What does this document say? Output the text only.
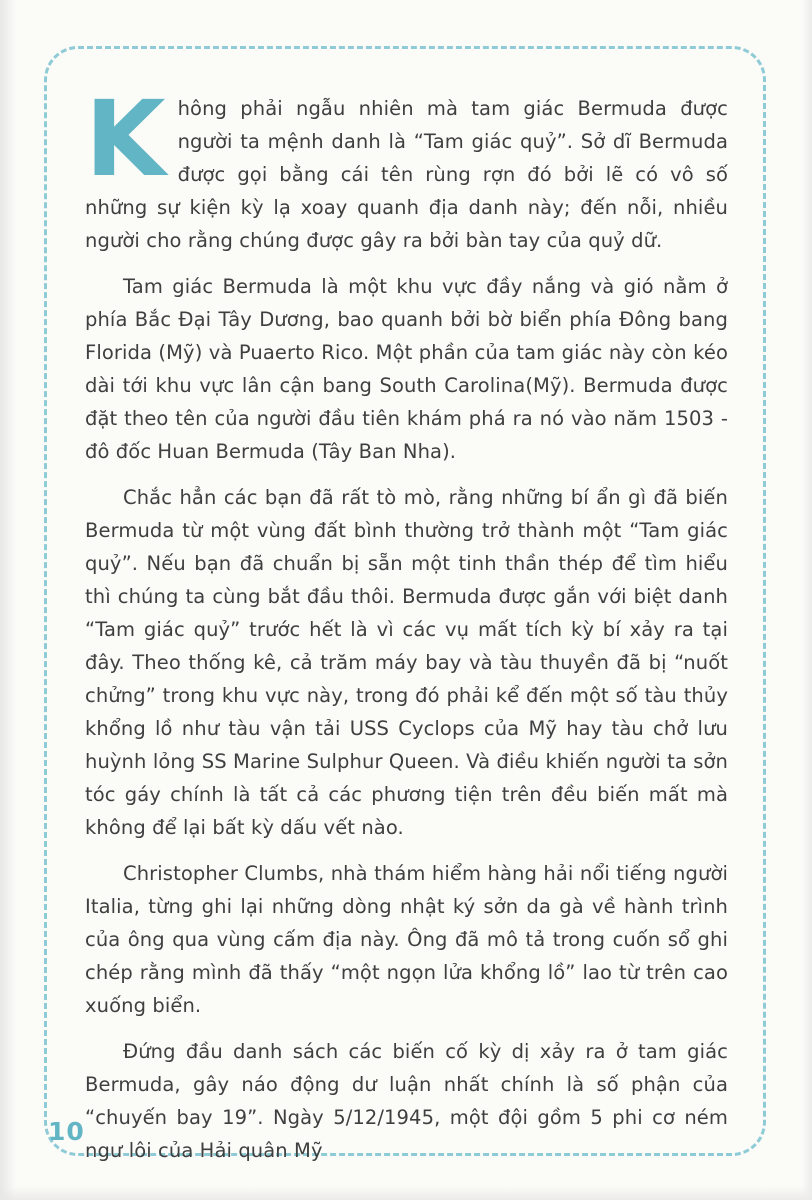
K hông phải ngẫu nhiên mà tam giác Bermuda được người ta mệnh danh là “Tam giác quỷ”. Sở dĩ Bermuda được gọi bằng cái tên rùng rợn đó bởi lẽ có vô số những sự kiện kỳ lạ xoay quanh địa danh này; đến nỗi, nhiều người cho rằng chúng được gây ra bởi bàn tay của quỷ dữ.

Tam giác Bermuda là một khu vực đầy nắng và gió nằm ở phía Bắc Đại Tây Dương, bao quanh bởi bờ biển phía Đông bang Florida (Mỹ) và Puaerto Rico. Một phần của tam giác này còn kéo dài tới khu vực lân cận bang South Carolina(Mỹ). Bermuda được đặt theo tên của người đầu tiên khám phá ra nó vào năm 1503 - đô đốc Huan Bermuda (Tây Ban Nha).

Chắc hẳn các bạn đã rất tò mò, rằng những bí ẩn gì đã biến Bermuda từ một vùng đất bình thường trở thành một “Tam giác quỷ”. Nếu bạn đã chuẩn bị sẵn một tinh thần thép để tìm hiểu thì chúng ta cùng bắt đầu thôi. Bermuda được gắn với biệt danh “Tam giác quỷ” trước hết là vì các vụ mất tích kỳ bí xảy ra tại đây. Theo thống kê, cả trăm máy bay và tàu thuyền đã bị “nuốt chửng” trong khu vực này, trong đó phải kể đến một số tàu thủy khổng lồ như tàu vận tải USS Cyclops của Mỹ hay tàu chở lưu huỳnh lỏng SS Marine Sulphur Queen. Và điều khiến người ta sởn tóc gáy chính là tất cả các phương tiện trên đều biến mất mà không để lại bất kỳ dấu vết nào.

Christopher Clumbs, nhà thám hiểm hàng hải nổi tiếng người Italia, từng ghi lại những dòng nhật ký sởn da gà về hành trình của ông qua vùng cấm địa này. Ông đã mô tả trong cuốn sổ ghi chép rằng mình đã thấy “một ngọn lửa khổng lồ” lao từ trên cao xuống biển.

Đứng đầu danh sách các biến cố kỳ dị xảy ra ở tam giác Bermuda, gây náo động dư luận nhất chính là số phận của “chuyến bay 19”. Ngày 5/12/1945, một đội gồm 5 phi cơ ném ngư lôi của Hải quân Mỹ

10
